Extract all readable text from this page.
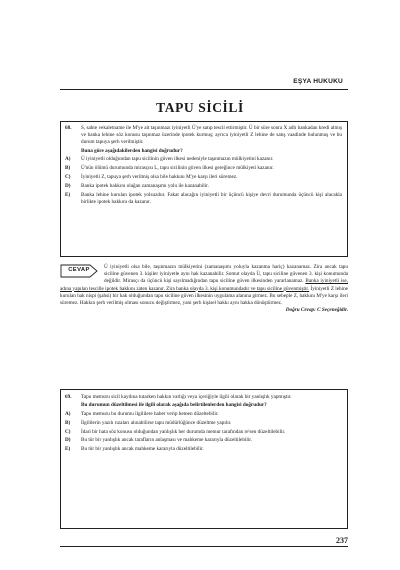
EŞYA HUKUKU
TAPU SİCİLİ
68.	S, sahte vekaletname ile M'ye ait taşınmazı iyiniyetli Ü'ye satıp tescil ettirmiştir. Ü bir süre sonra X adlı bankadan kredi almış ve banka lehine söz konusu taşınmaz üzerinde ipotek kurmuş; ayrıca iyiniyetli Z lehine de satış vaadinde bulunmuş ve bu durum tapuya şerh verilmiştir.
Buna göre aşağıdakilerden hangisi doğrudur?
A)	Ü iyiniyetli olduğundan tapu sicilinin güven ilkesi nedeniyle taşınmazın mülkiyetini kazanır.
B)	Ü'nün ölümü durumunda mirasçısı L, tapu sicilinin güven ilkesi gereğince mülkiyeti kazanır.
C)	İyiniyetli Z, tapuya şerh verilmiş olsa bile hakkını M'ye karşı ileri süremez.
D)	Banka ipotek hakkını olağan zamanaşımı yolu ile kazanabilir.
E)	Banka lehine kurulan ipotek yolsuzdur. Fakat alacağın iyiniyetli bir üçüncü kişiye devri durumunda üçüncü kişi alacakla birlikte ipotek hakkını da kazanır.
CEVAP
Ü iyiniyetli olsa bile, taşınmazın mülkiyetini (zamanaşımı yoluyla kazanma hariç) kazanamaz. Zira ancak tapu siciline güvenen 3. kişiler iyiniyetle aynı hak kazanabilir. Somut olayda Ü, tapu siciline güvenen 3. kişi konumunda değildir. Mirasçı da üçüncü kişi sayılmadığından tapu siciline güven ilkesinden yararlanamaz. Banka iyiniyetli ise, adına yapılan tescille ipotek hakkını zaten kazanır. Zira banka olayda 3. kişi konumundadır ve tapu siciline güvenmiştir. İyiniyetli Z lehine kurulan hak nispi (şahsi) bir hak olduğundan tapu siciline güven ilkesinin uygulama alanına girmez. Bu sebeple Z, hakkını M'ye karşı ileri süremez. Hakkın şerh verilmiş olması sonucu değiştirmez, yani şerh kişisel hakkı aynı hakka dönüştürmez.
Doğru Cevap: C Seçeneğidir.
69.	Tapu memuru sicil kaydına tutarken hakkın varlığı veya içeriğiyle ilgili olarak bir yanlışlık yapmıştır.
Bu durumun düzeltilmesi ile ilgili olarak aşağıda belirtilenlerden hangisi doğrudur?
A)	Tapu memuru bu durumu ilgililere haber verip hemen düzeltebilir.
B)	İlgililerin yazılı rızaları alınabilirse tapu müdürlüğünce düzeltme yapılır.
C)	İdari bir hata söz konusu olduğundan yanlışlık her durumda memur tarafından re'sen düzeltilebilir.
D)	Bu tür bir yanlışlık ancak tarafların anlaşması ve mahkeme kararıyla düzeltilebilir.
E)	Bu tür bir yanlışlık ancak mahkeme kararıyla düzeltilebilir.
237
